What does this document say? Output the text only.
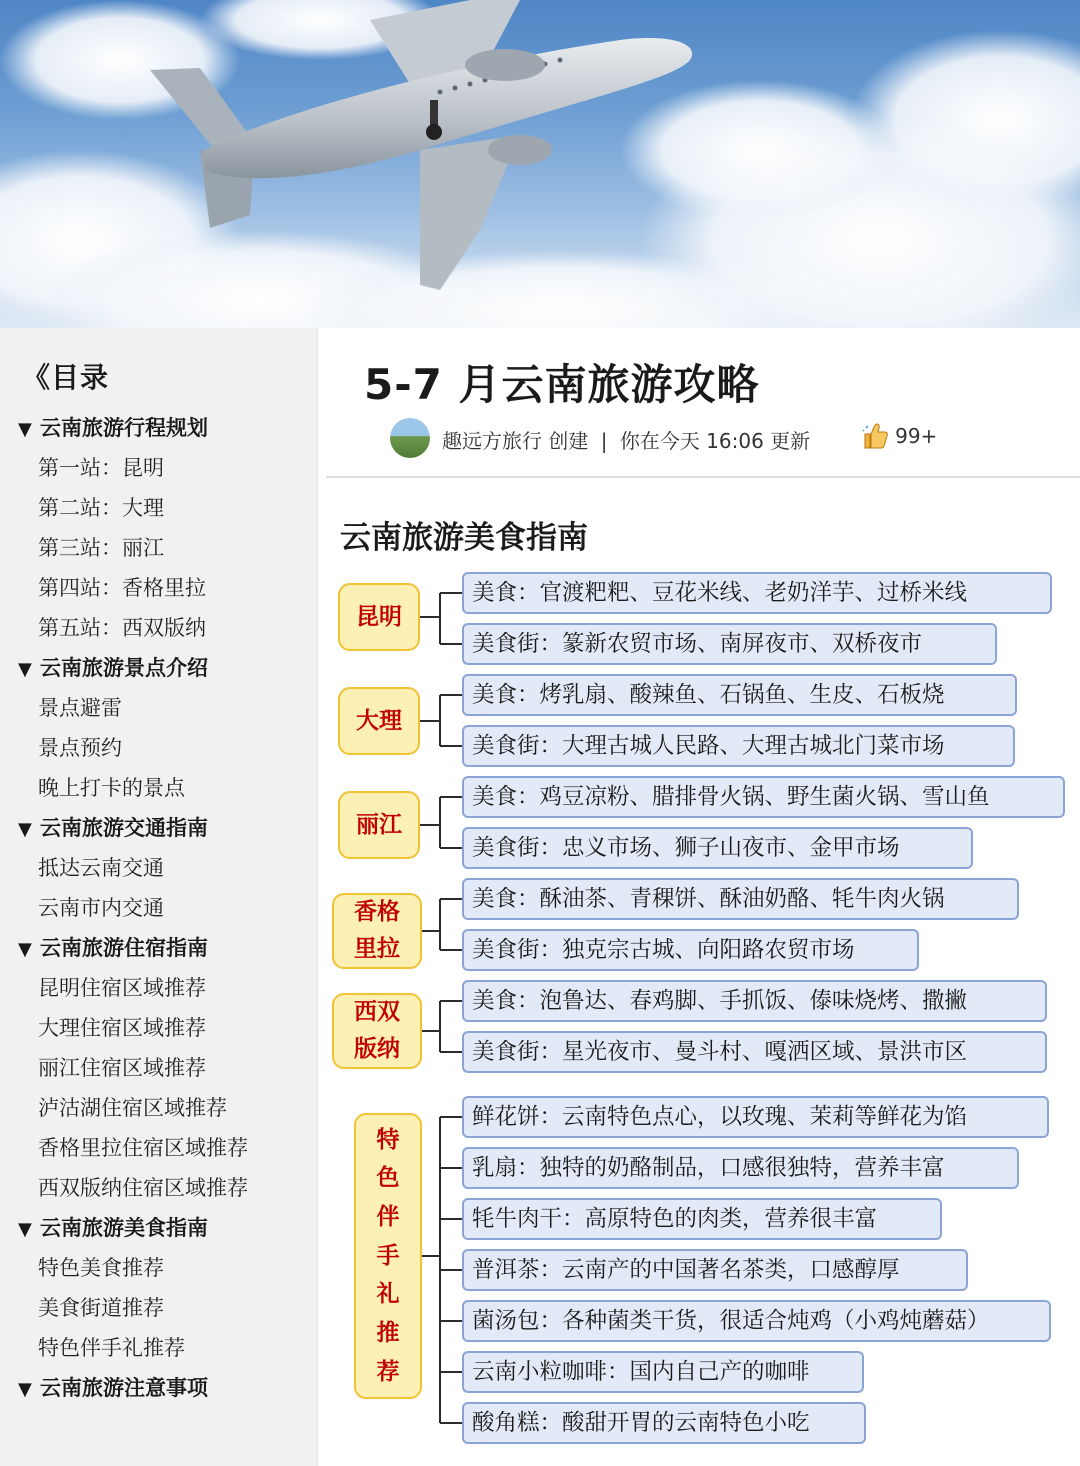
《目录
▼ 云南旅游行程规划
第一站：昆明
第二站：大理
第三站：丽江
第四站：香格里拉
第五站：西双版纳
▼ 云南旅游景点介绍
景点避雷
景点预约
晚上打卡的景点
▼ 云南旅游交通指南
抵达云南交通
云南市内交通
▼ 云南旅游住宿指南
昆明住宿区域推荐
大理住宿区域推荐
丽江住宿区域推荐
泸沽湖住宿区域推荐
香格里拉住宿区域推荐
西双版纳住宿区域推荐
▼ 云南旅游美食指南
特色美食推荐
美食街道推荐
特色伴手礼推荐
▼ 云南旅游注意事项
5-7 月云南旅游攻略
趣远方旅行 创建 | 你在今天 16:06 更新	99+
云南旅游美食指南
昆明
美食：官渡粑粑、豆花米线、老奶洋芋、过桥米线
美食街：篆新农贸市场、南屏夜市、双桥夜市
大理
美食：烤乳扇、酸辣鱼、石锅鱼、生皮、石板烧
美食街：大理古城人民路、大理古城北门菜市场
丽江
美食：鸡豆凉粉、腊排骨火锅、野生菌火锅、雪山鱼
美食街：忠义市场、狮子山夜市、金甲市场
香格
里拉
美食：酥油茶、青稞饼、酥油奶酪、牦牛肉火锅
美食街：独克宗古城、向阳路农贸市场
西双
版纳
美食：泡鲁达、春鸡脚、手抓饭、傣味烧烤、撒撇
美食街：星光夜市、曼斗村、嘎洒区域、景洪市区
特
色
伴
手
礼
推
荐
鲜花饼：云南特色点心，以玫瑰、茉莉等鲜花为馅
乳扇：独特的奶酪制品，口感很独特，营养丰富
牦牛肉干：高原特色的肉类，营养很丰富
普洱茶：云南产的中国著名茶类，口感醇厚
菌汤包：各种菌类干货，很适合炖鸡（小鸡炖蘑菇）
云南小粒咖啡：国内自己产的咖啡
酸角糕：酸甜开胃的云南特色小吃
